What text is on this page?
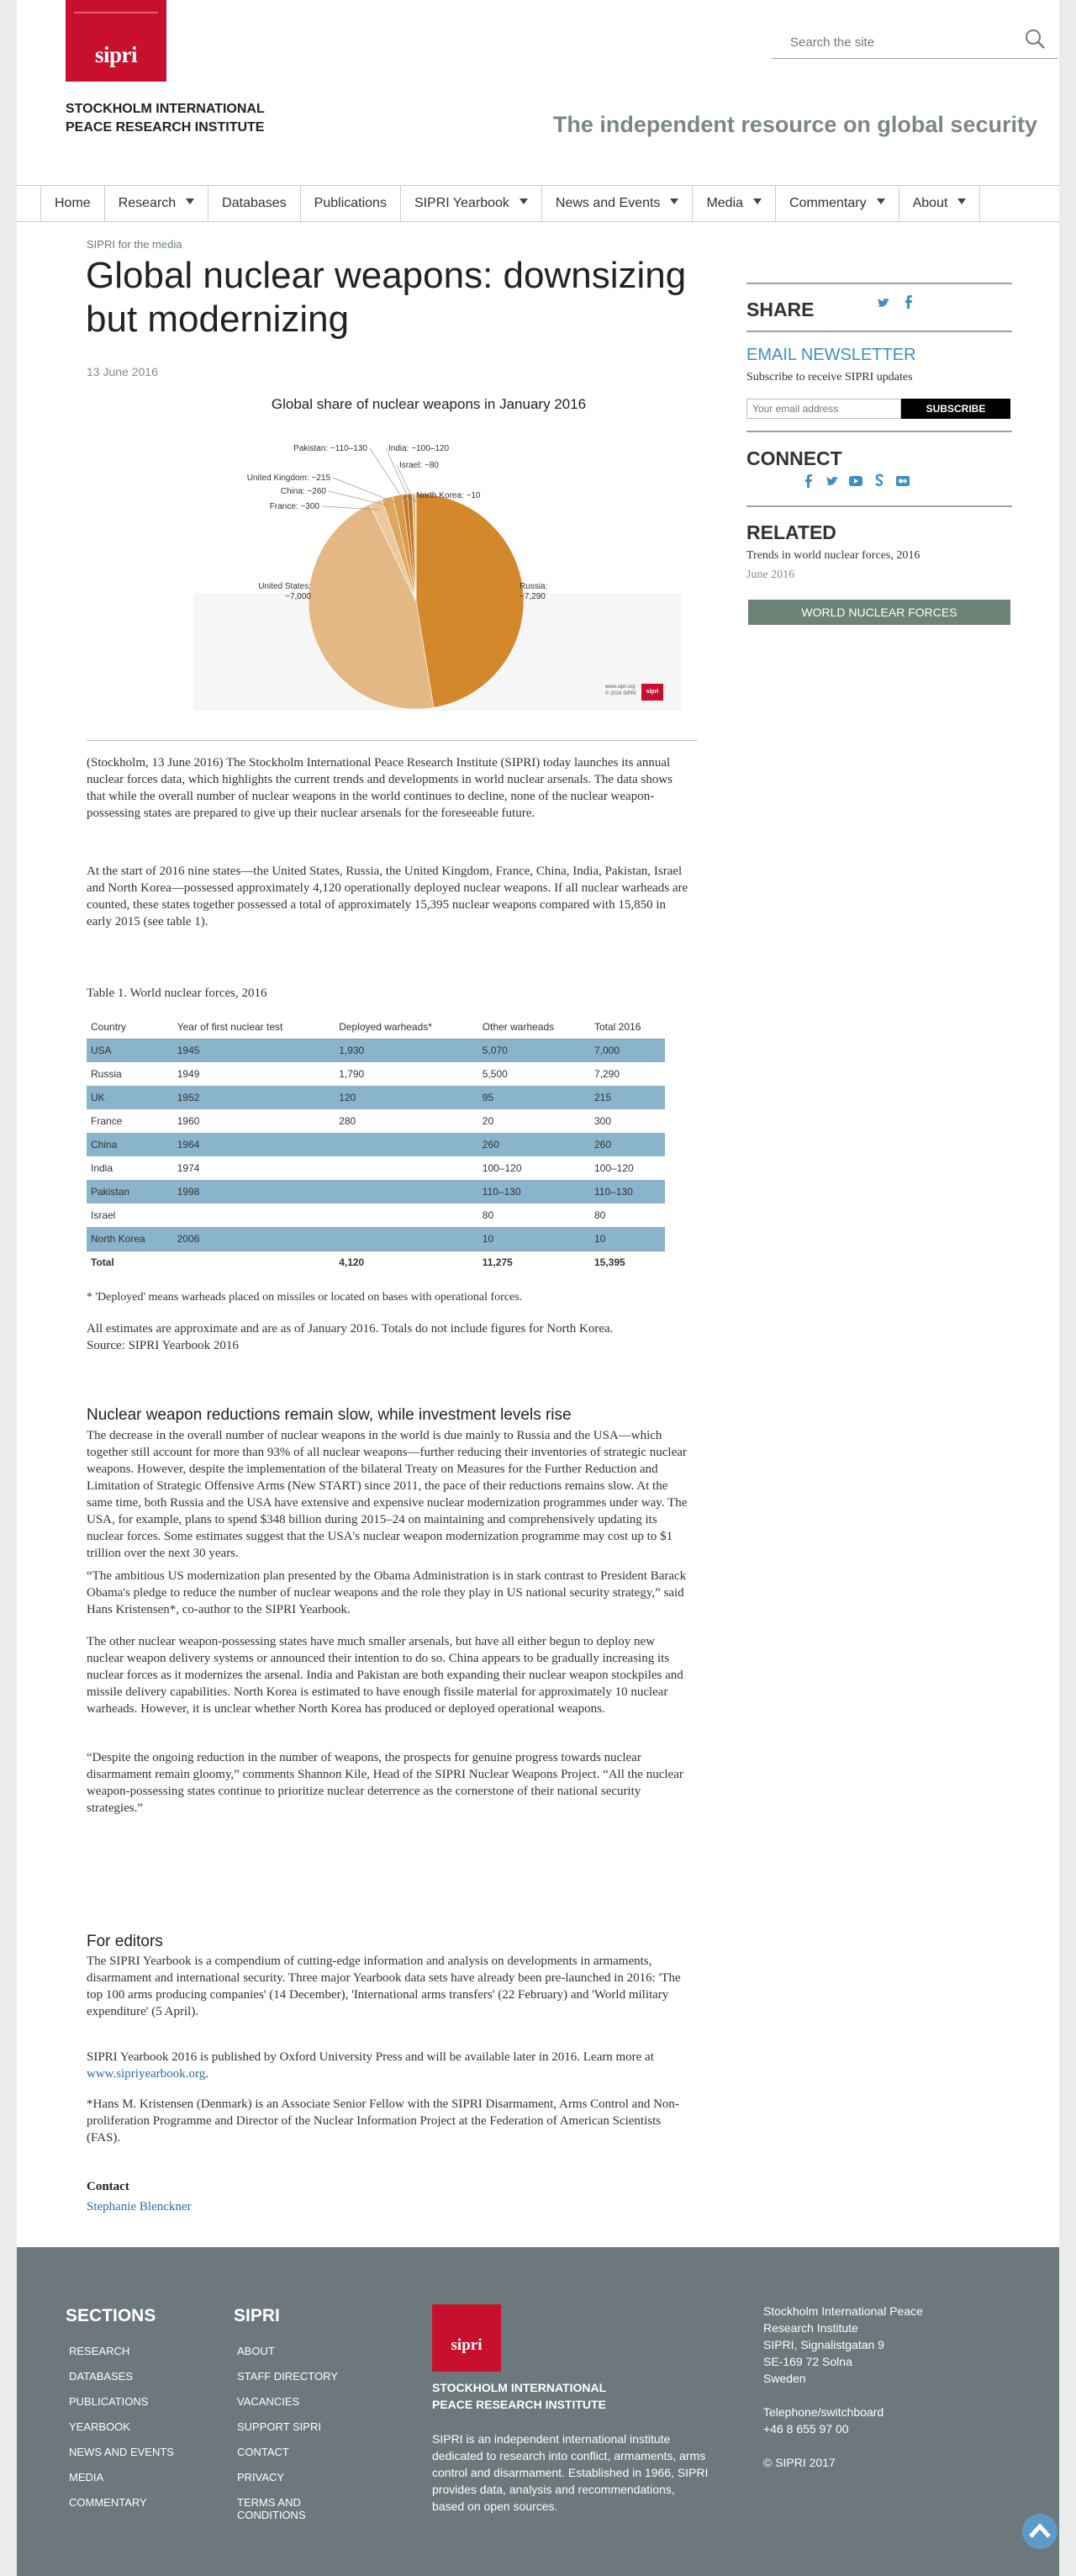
sipri
STOCKHOLM INTERNATIONAL
PEACE RESEARCH INSTITUTE
Search the site	The independent resource on global security
Home	Research	Databases	Publications	SIPRI Yearbook	News and Events	Media	Commentary	About
SIPRI for the media
Global nuclear weapons: downsizing but modernizing
13 June 2016
Global share of nuclear weapons in January 2016
Russia: ~7,290
United States: ~7,000
France: ~300
China: ~260
United Kingdom: ~215
Pakistan: ~110–130	India: ~100–120
Israel: ~80
North Korea: ~10
www.sipri.org
© 2016 SIPRI	sipri
(Stockholm, 13 June 2016) The Stockholm International Peace Research Institute (SIPRI) today launches its annual nuclear forces data, which highlights the current trends and developments in world nuclear arsenals. The data shows that while the overall number of nuclear weapons in the world continues to decline, none of the nuclear weapon-possessing states are prepared to give up their nuclear arsenals for the foreseeable future.
At the start of 2016 nine states—the United States, Russia, the United Kingdom, France, China, India, Pakistan, Israel and North Korea—possessed approximately 4,120 operationally deployed nuclear weapons. If all nuclear warheads are counted, these states together possessed a total of approximately 15,395 nuclear weapons compared with 15,850 in early 2015 (see table 1).
Table 1. World nuclear forces, 2016
Country	Year of first nuclear test	Deployed warheads*	Other warheads	Total 2016
USA	1945	1,930	5,070	7,000
Russia	1949	1,790	5,500	7,290
UK	1952	120	95	215
France	1960	280	20	300
China	1964		260	260
India	1974		100–120	100–120
Pakistan	1998		110–130	110–130
Israel			80	80
North Korea	2006		10	10
Total		4,120	11,275	15,395
* 'Deployed' means warheads placed on missiles or located on bases with operational forces.
All estimates are approximate and are as of January 2016. Totals do not include figures for North Korea.
Source: SIPRI Yearbook 2016
Nuclear weapon reductions remain slow, while investment levels rise
The decrease in the overall number of nuclear weapons in the world is due mainly to Russia and the USA—which together still account for more than 93% of all nuclear weapons—further reducing their inventories of strategic nuclear weapons. However, despite the implementation of the bilateral Treaty on Measures for the Further Reduction and Limitation of Strategic Offensive Arms (New START) since 2011, the pace of their reductions remains slow. At the same time, both Russia and the USA have extensive and expensive nuclear modernization programmes under way. The USA, for example, plans to spend $348 billion during 2015–24 on maintaining and comprehensively updating its nuclear forces. Some estimates suggest that the USA's nuclear weapon modernization programme may cost up to $1 trillion over the next 30 years.
“The ambitious US modernization plan presented by the Obama Administration is in stark contrast to President Barack Obama's pledge to reduce the number of nuclear weapons and the role they play in US national security strategy,” said Hans Kristensen*, co-author to the SIPRI Yearbook.
The other nuclear weapon-possessing states have much smaller arsenals, but have all either begun to deploy new nuclear weapon delivery systems or announced their intention to do so. China appears to be gradually increasing its nuclear forces as it modernizes the arsenal. India and Pakistan are both expanding their nuclear weapon stockpiles and missile delivery capabilities. North Korea is estimated to have enough fissile material for approximately 10 nuclear warheads. However, it is unclear whether North Korea has produced or deployed operational weapons.
“Despite the ongoing reduction in the number of weapons, the prospects for genuine progress towards nuclear disarmament remain gloomy,” comments Shannon Kile, Head of the SIPRI Nuclear Weapons Project. “All the nuclear weapon-possessing states continue to prioritize nuclear deterrence as the cornerstone of their national security strategies.”
For editors
The SIPRI Yearbook is a compendium of cutting-edge information and analysis on developments in armaments, disarmament and international security. Three major Yearbook data sets have already been pre-launched in 2016: 'The top 100 arms producing companies' (14 December), 'International arms transfers' (22 February) and 'World military expenditure' (5 April).
SIPRI Yearbook 2016 is published by Oxford University Press and will be available later in 2016. Learn more at www.sipriyearbook.org.
*Hans M. Kristensen (Denmark) is an Associate Senior Fellow with the SIPRI Disarmament, Arms Control and Non-proliferation Programme and Director of the Nuclear Information Project at the Federation of American Scientists (FAS).
Contact
Stephanie Blenckner
SHARE
EMAIL NEWSLETTER
Subscribe to receive SIPRI updates
Your email address
SUBSCRIBE
CONNECT
RELATED
Trends in world nuclear forces, 2016
June 2016
WORLD NUCLEAR FORCES
SECTIONS
RESEARCH
DATABASES
PUBLICATIONS
YEARBOOK
NEWS AND EVENTS
MEDIA
COMMENTARY
SIPRI
ABOUT
STAFF DIRECTORY
VACANCIES
SUPPORT SIPRI
CONTACT
PRIVACY
TERMS AND CONDITIONS
sipri
STOCKHOLM INTERNATIONAL
PEACE RESEARCH INSTITUTE
SIPRI is an independent international institute dedicated to research into conflict, armaments, arms control and disarmament. Established in 1966, SIPRI provides data, analysis and recommendations, based on open sources.
Stockholm International Peace
Research Institute
SIPRI, Signalistgatan 9
SE-169 72 Solna
Sweden
Telephone/switchboard
+46 8 655 97 00
© SIPRI 2017
